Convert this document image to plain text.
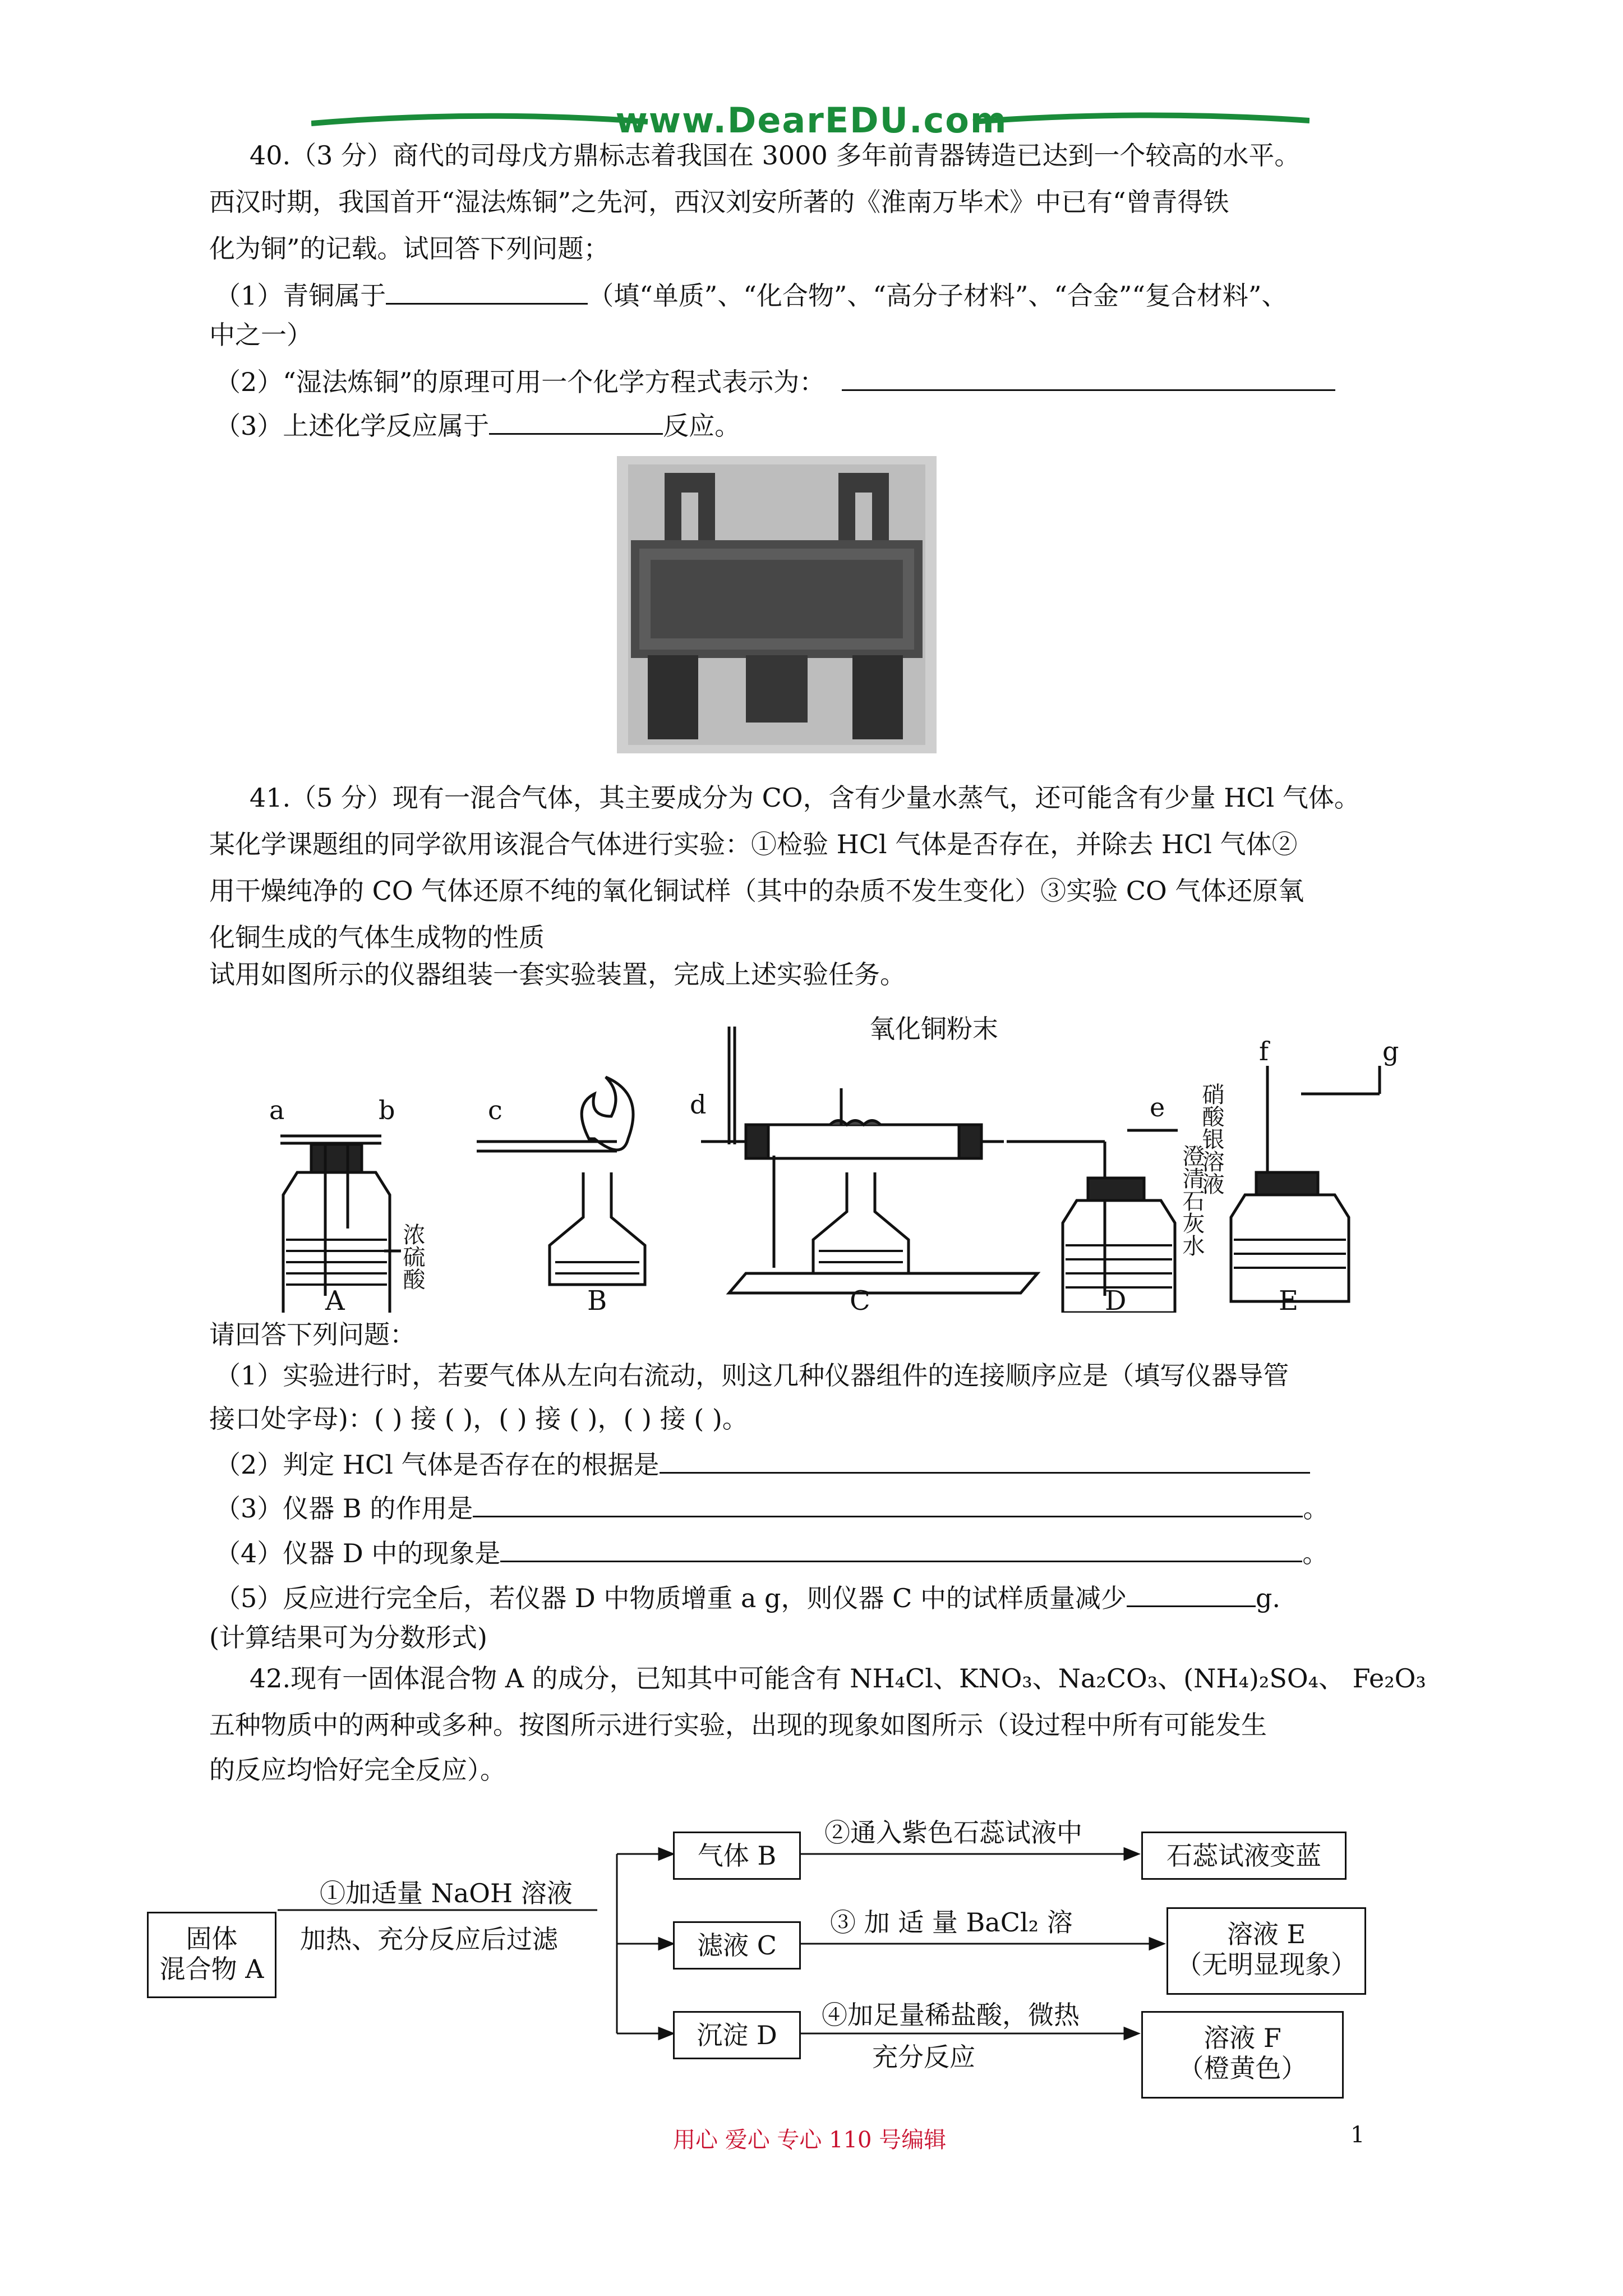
www.DearEDU.com
40.（3 分）商代的司母戊方鼎标志着我国在 3000 多年前青器铸造已达到一个较高的水平。
西汉时期，我国首开“湿法炼铜”之先河，西汉刘安所著的《淮南万毕术》中已有“曾青得铁
化为铜”的记载。试回答下列问题；
（1）青铜属于	（填“单质”、“化合物”、“高分子材料”、“合金”“复合材料”、
中之一）
（2）“湿法炼铜”的原理可用一个化学方程式表示为：
（3）上述化学反应属于	反应。
41.（5 分）现有一混合气体，其主要成分为 CO，含有少量水蒸气，还可能含有少量 HCl 气体。
某化学课题组的同学欲用该混合气体进行实验：①检验 HCl 气体是否存在，并除去 HCl 气体②
用干燥纯净的 CO 气体还原不纯的氧化铜试样（其中的杂质不发生变化）③实验 CO 气体还原氧
化铜生成的气体生成物的性质
试用如图所示的仪器组装一套实验装置，完成上述实验任务。
a	b
A
浓硫酸
c
B
d
C
氧化铜粉末
e
D
澄清石灰水
f	g
E
硝酸银溶液
请回答下列问题：
（1）实验进行时，若要气体从左向右流动，则这几种仪器组件的连接顺序应是（填写仪器导管
接口处字母)：( ) 接 ( )，( ) 接 ( )，( ) 接 ( )。
（2）判定 HCl 气体是否存在的根据是
（3）仪器 B 的作用是	。
（4）仪器 D 中的现象是	。
（5）反应进行完全后，若仪器 D 中物质增重 a g，则仪器 C 中的试样质量减少	g.
(计算结果可为分数形式)
42.现有一固体混合物 A 的成分，已知其中可能含有 NH₄Cl、KNO₃、Na₂CO₃、(NH₄)₂SO₄、 Fe₂O₃
五种物质中的两种或多种。按图所示进行实验，出现的现象如图所示（设过程中所有可能发生
的反应均恰好完全反应）。
固体
混合物 A
①加适量 NaOH 溶液
加热、充分反应后过滤
气体 B
滤液 C
沉淀 D
②通入紫色石蕊试液中
③ 加 适 量 BaCl₂ 溶
④加足量稀盐酸，微热
充分反应
石蕊试液变蓝
溶液 E
（无明显现象）
溶液 F
（橙黄色）
用心 爱心 专心 110 号编辑	1
